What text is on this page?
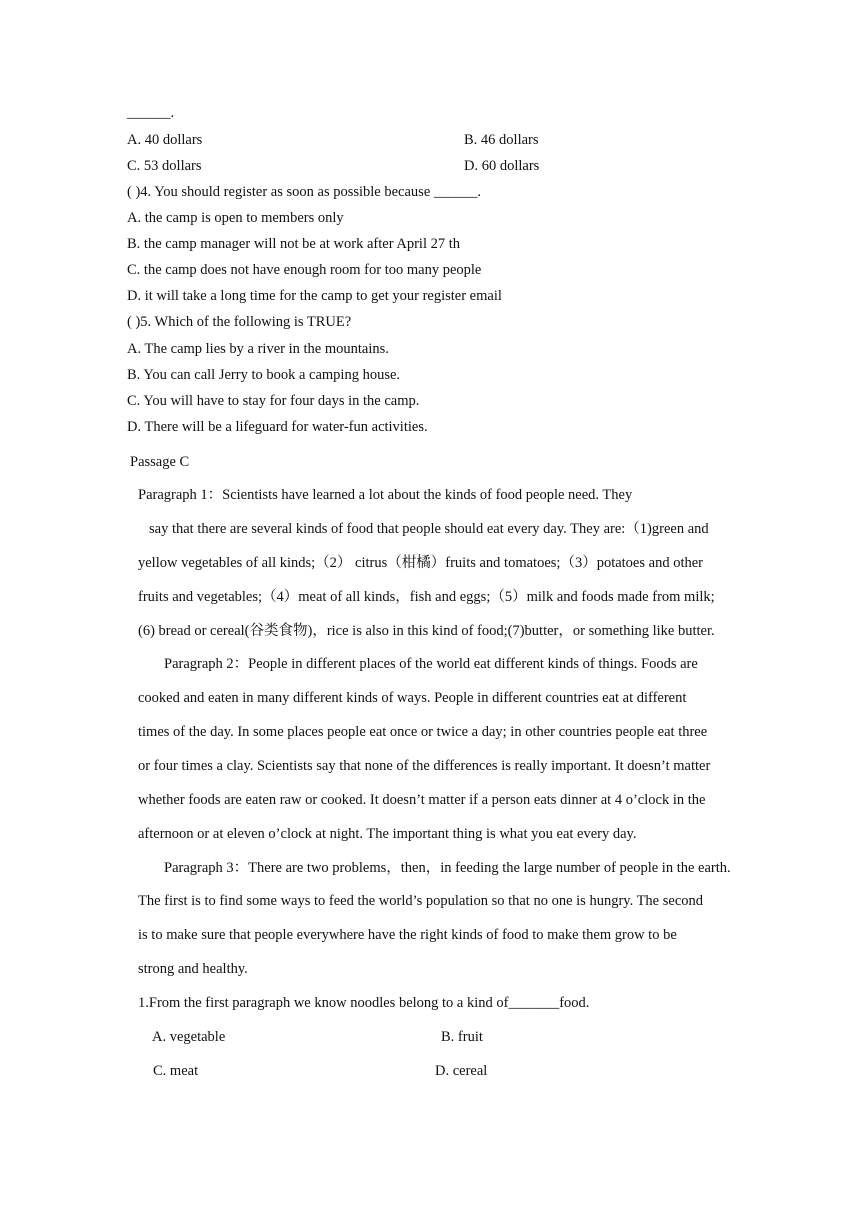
______.
A. 40 dollars	B. 46 dollars
C. 53 dollars	D. 60 dollars
( )4. You should register as soon as possible because ______.
A. the camp is open to members only
B. the camp manager will not be at work after April 27 th
C. the camp does not have enough room for too many people
D. it will take a long time for the camp to get your register email
( )5. Which of the following is TRUE?
A. The camp lies by a river in the mountains.
B. You can call Jerry to book a camping house.
C. You will have to stay for four days in the camp.
D. There will be a lifeguard for water-fun activities.
Passage C
Paragraph 1：Scientists have learned a lot about the kinds of food people need. They
say that there are several kinds of food that people should eat every day. They are:（1)green and
yellow vegetables of all kinds;（2） citrus（柑橘）fruits and tomatoes;（3）potatoes and other
fruits and vegetables;（4）meat of all kinds，fish and eggs;（5）milk and foods made from milk;
(6) bread or cereal(谷类食物)，rice is also in this kind of food;(7)butter，or something like butter.
Paragraph 2：People in different places of the world eat different kinds of things. Foods are
cooked and eaten in many different kinds of ways. People in different countries eat at different
times of the day. In some places people eat once or twice a day; in other countries people eat three
or four times a clay. Scientists say that none of the differences is really important. It doesn’t matter
whether foods are eaten raw or cooked. It doesn’t matter if a person eats dinner at 4 o’clock in the
afternoon or at eleven o’clock at night. The important thing is what you eat every day.
Paragraph 3：There are two problems，then，in feeding the large number of people in the earth.
The first is to find some ways to feed the world’s population so that no one is hungry. The second
is to make sure that people everywhere have the right kinds of food to make them grow to be
strong and healthy.
1.From the first paragraph we know noodles belong to a kind of_______food.
A. vegetable	B. fruit
C. meat	D. cereal
